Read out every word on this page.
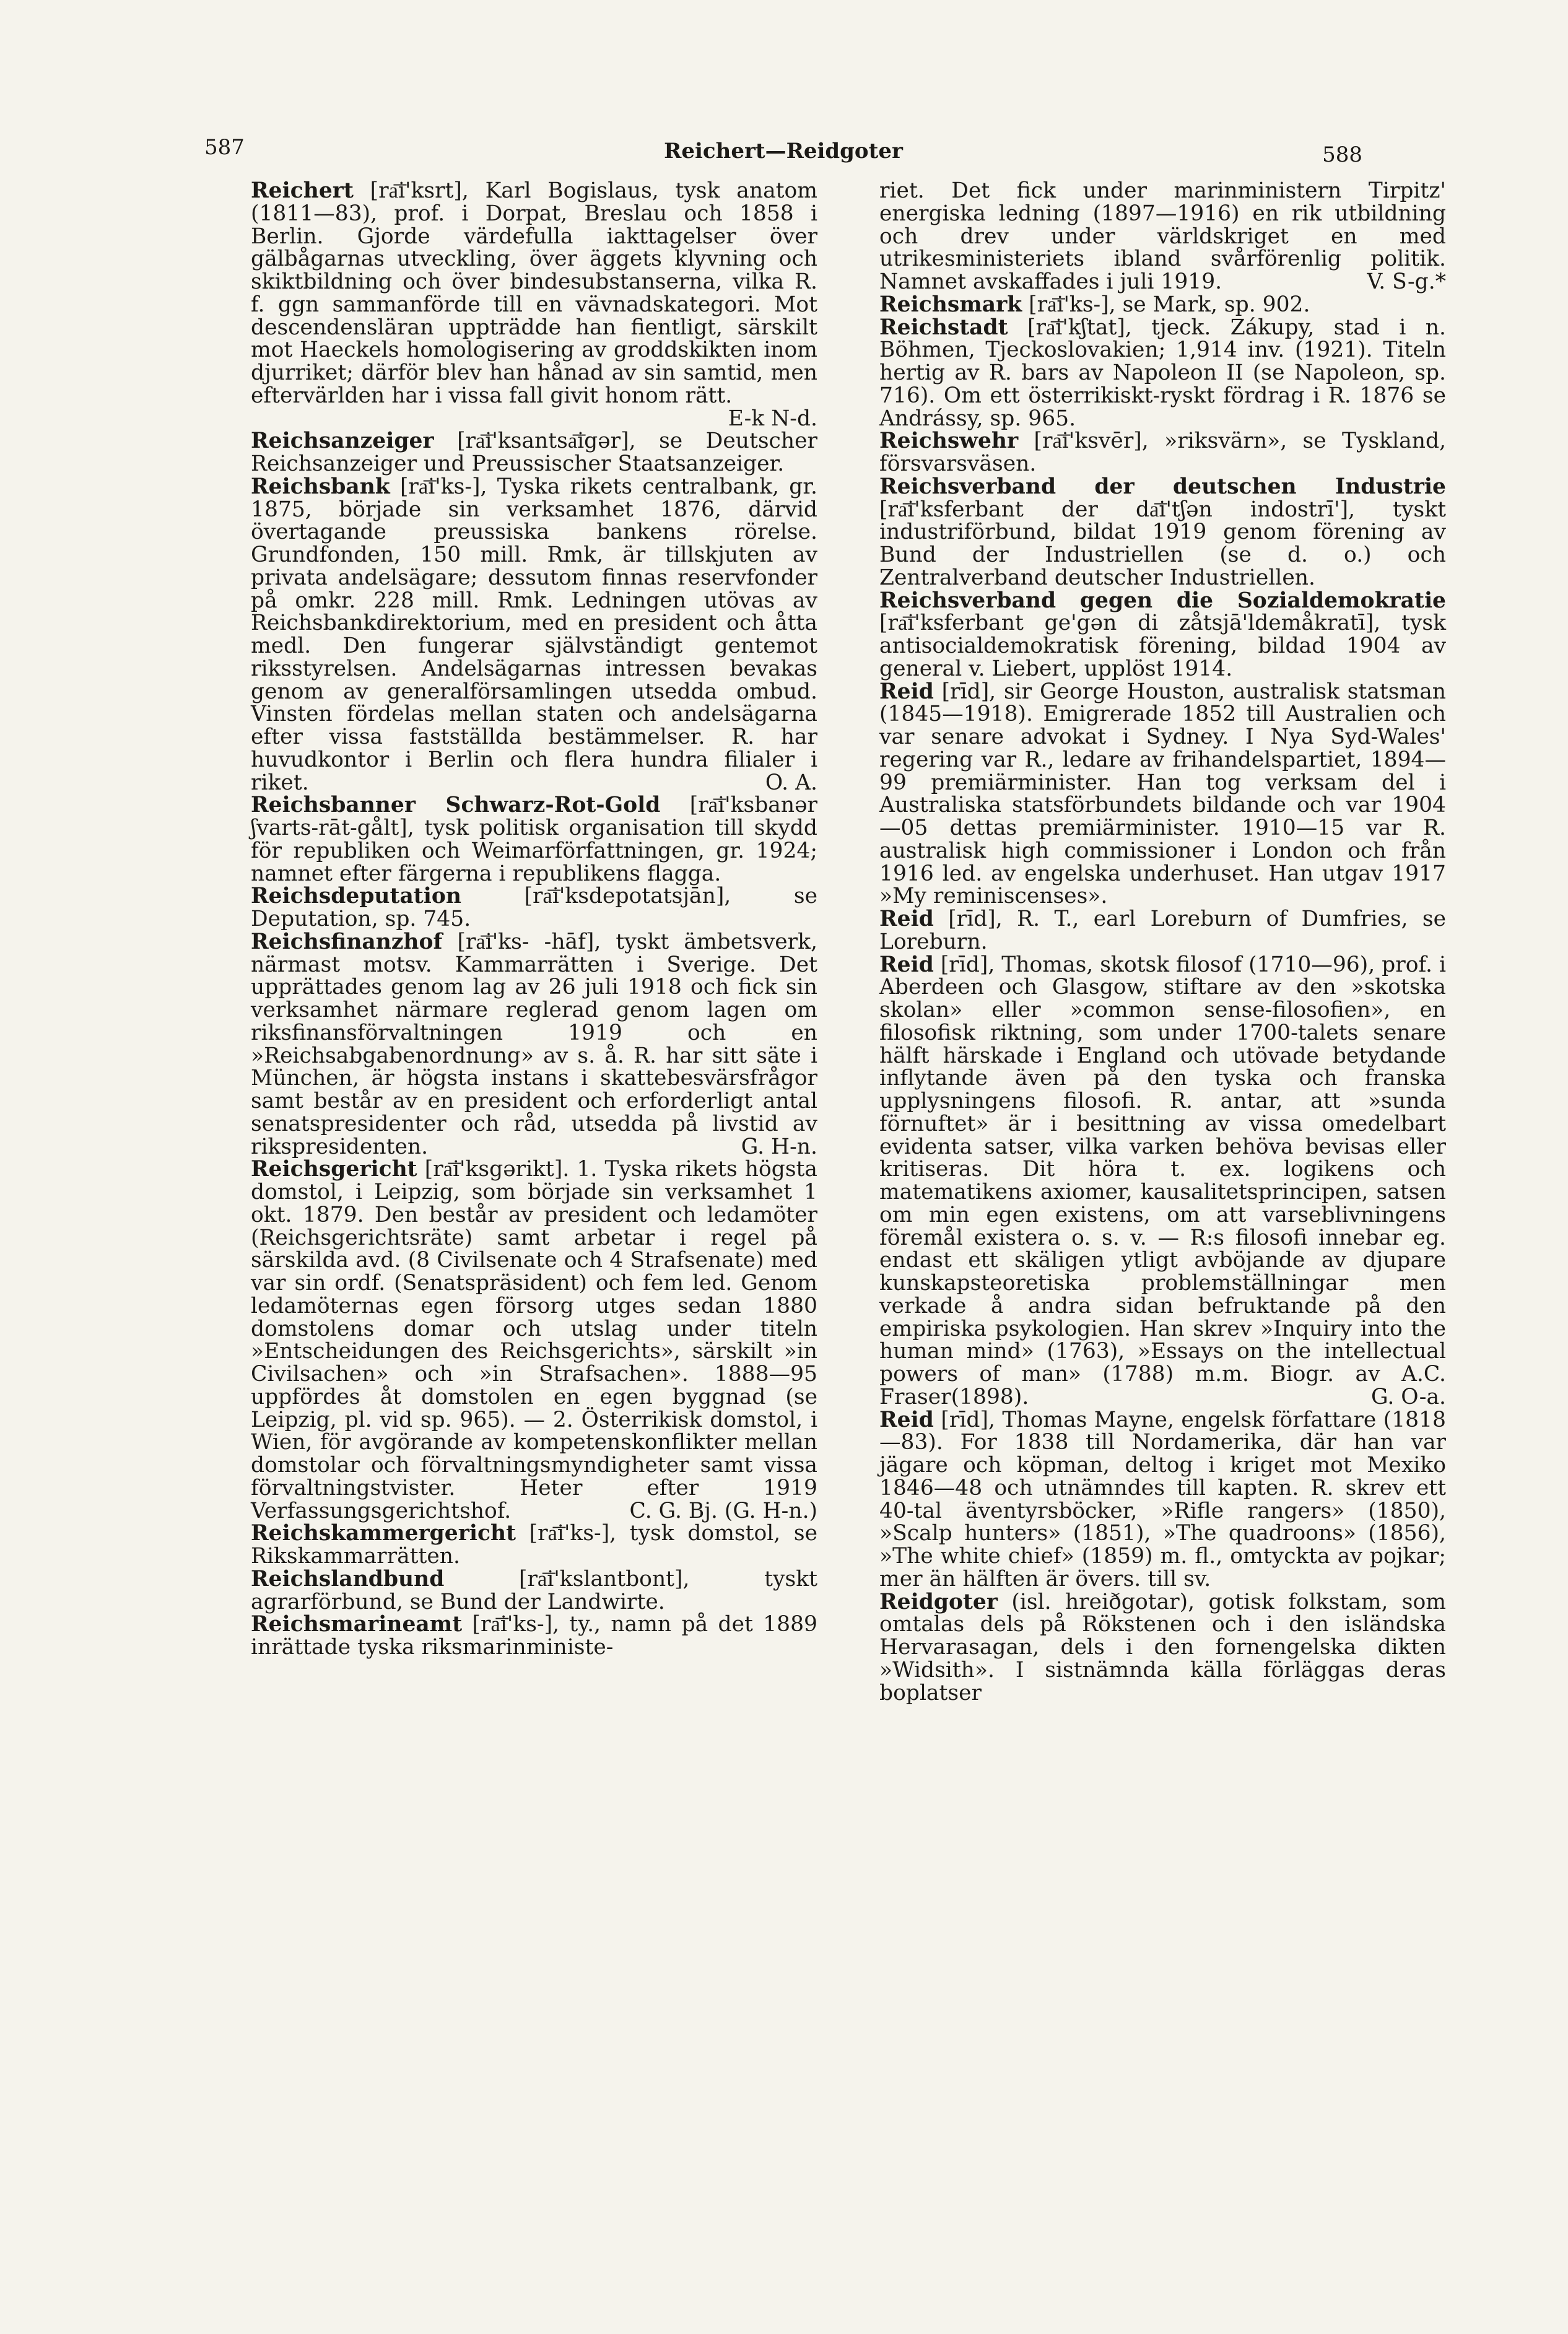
587	Reichert—Reidgoter	588

Reichert [ra͞i'ksrt], Karl Bogislaus, tysk anatom (1811—83), prof. i Dorpat, Breslau och 1858 i Berlin. Gjorde värdefulla iakttagelser över gälbågarnas utveckling, över äggets klyvning och skiktbildning och över bindesubstanserna, vilka R. f. ggn sammanförde till en vävnadskategori. Mot descendensläran uppträdde han fientligt, särskilt mot Haeckels homologisering av groddskikten inom djurriket; därför blev han hånad av sin samtid, men eftervärlden har i vissa fall givit honom rätt.
E-k N-d.

Reichsanzeiger [ra͞i'ksantsa͞igər], se Deutscher Reichsanzeiger und Preussischer Staatsanzeiger.

Reichsbank [ra͞i'ks-], Tyska rikets centralbank, gr. 1875, började sin verksamhet 1876, därvid övertagande preussiska bankens rörelse. Grundfonden, 150 mill. Rmk, är tillskjuten av privata andelsägare; dessutom finnas reservfonder på omkr. 228 mill. Rmk. Ledningen utövas av Reichsbankdirektorium, med en president och åtta medl. Den fungerar självständigt gentemot riksstyrelsen. Andelsägarnas intressen bevakas genom av generalförsamlingen utsedda ombud. Vinsten fördelas mellan staten och andelsägarna efter vissa fastställda bestämmelser. R. har huvudkontor i Berlin och flera hundra filialer i riket.	O. A.

Reichsbanner Schwarz-Rot-Gold [ra͞i'ksbanər ʃvarts-rāt-gålt], tysk politisk organisation till skydd för republiken och Weimarförfattningen, gr. 1924; namnet efter färgerna i republikens flagga.

Reichsdeputation [ra͞i'ksdepotatsjān], se Deputation, sp. 745.

Reichsfinanzhof [ra͞i'ks- -hāf], tyskt ämbetsverk, närmast motsv. Kammarrätten i Sverige. Det upprättades genom lag av 26 juli 1918 och fick sin verksamhet närmare reglerad genom lagen om riksfinansförvaltningen 1919 och en »Reichsabgabenordnung» av s. å. R. har sitt säte i München, är högsta instans i skattebesvärsfrågor samt består av en president och erforderligt antal senatspresidenter och råd, utsedda på livstid av rikspresidenten.	G. H-n.

Reichsgericht [ra͞i'ksgərikt]. 1. Tyska rikets högsta domstol, i Leipzig, som började sin verksamhet 1 okt. 1879. Den består av president och ledamöter (Reichsgerichtsräte) samt arbetar i regel på särskilda avd. (8 Civilsenate och 4 Strafsenate) med var sin ordf. (Senatspräsident) och fem led. Genom ledamöternas egen försorg utges sedan 1880 domstolens domar och utslag under titeln »Entscheidungen des Reichsgerichts», särskilt »in Civilsachen» och »in Strafsachen». 1888—95 uppfördes åt domstolen en egen byggnad (se Leipzig, pl. vid sp. 965). — 2. Österrikisk domstol, i Wien, för avgörande av kompetenskonflikter mellan domstolar och förvaltningsmyndigheter samt vissa förvaltningstvister. Heter efter 1919 Verfassungsgerichtshof.	C. G. Bj. (G. H-n.)

Reichskammergericht [ra͞i'ks-], tysk domstol, se Rikskammarrätten.

Reichslandbund [ra͞i'kslantbont], tyskt agrarförbund, se Bund der Landwirte.

Reichsmarineamt [ra͞i'ks-], ty., namn på det 1889 inrättade tyska riksmarinministe-

riet. Det fick under marinministern Tirpitz' energiska ledning (1897—1916) en rik utbildning och drev under världskriget en med utrikesministeriets ibland svårförenlig politik. Namnet avskaffades i juli 1919.	V. S-g.*

Reichsmark [ra͞i'ks-], se Mark, sp. 902.

Reichstadt [ra͞i'kʃtat], tjeck. Zákupy, stad i n. Böhmen, Tjeckoslovakien; 1,914 inv. (1921). Titeln hertig av R. bars av Napoleon II (se Napoleon, sp. 716). Om ett österrikiskt-ryskt fördrag i R. 1876 se Andrássy, sp. 965.

Reichswehr [ra͞i'ksvēr], »riksvärn», se Tyskland, försvarsväsen.

Reichsverband der deutschen Industrie [ra͞i'ksferbant der da͞i'tʃən indostrī'], tyskt industriförbund, bildat 1919 genom förening av Bund der Industriellen (se d. o.) och Zentralverband deutscher Industriellen.

Reichsverband gegen die Sozialdemokratie [ra͞i'ksferbant ge'gən di zåtsjā'ldemåkratī], tysk antisocialdemokratisk förening, bildad 1904 av general v. Liebert, upplöst 1914.

Reid [rīd], sir George Houston, australisk statsman (1845—1918). Emigrerade 1852 till Australien och var senare advokat i Sydney. I Nya Syd-Wales' regering var R., ledare av frihandelspartiet, 1894—99 premiärminister. Han tog verksam del i Australiska statsförbundets bildande och var 1904—05 dettas premiärminister. 1910—15 var R. australisk high commissioner i London och från 1916 led. av engelska underhuset. Han utgav 1917 »My reminiscenses».

Reid [rīd], R. T., earl Loreburn of Dumfries, se Loreburn.

Reid [rīd], Thomas, skotsk filosof (1710—96), prof. i Aberdeen och Glasgow, stiftare av den »skotska skolan» eller »common sense-filosofien», en filosofisk riktning, som under 1700-talets senare hälft härskade i England och utövade betydande inflytande även på den tyska och franska upplysningens filosofi. R. antar, att »sunda förnuftet» är i besittning av vissa omedelbart evidenta satser, vilka varken behöva bevisas eller kritiseras. Dit höra t. ex. logikens och matematikens axiomer, kausalitetsprincipen, satsen om min egen existens, om att varseblivningens föremål existera o. s. v. — R:s filosofi innebar eg. endast ett skäligen ytligt avböjande av djupare kunskapsteoretiska problemställningar men verkade å andra sidan befruktande på den empiriska psykologien. Han skrev »Inquiry into the human mind» (1763), »Essays on the intellectual powers of man» (1788) m.m. Biogr. av A.C. Fraser(1898).	G. O-a.

Reid [rīd], Thomas Mayne, engelsk författare (1818—83). For 1838 till Nordamerika, där han var jägare och köpman, deltog i kriget mot Mexiko 1846—48 och utnämndes till kapten. R. skrev ett 40-tal äventyrsböcker, »Rifle rangers» (1850), »Scalp hunters» (1851), »The quadroons» (1856), »The white chief» (1859) m. fl., omtyckta av pojkar; mer än hälften är övers. till sv.

Reidgoter (isl. hreiðgotar), gotisk folkstam, som omtalas dels på Rökstenen och i den isländska Hervarasagan, dels i den fornengelska dikten »Widsith». I sistnämnda källa förläggas deras boplatser
